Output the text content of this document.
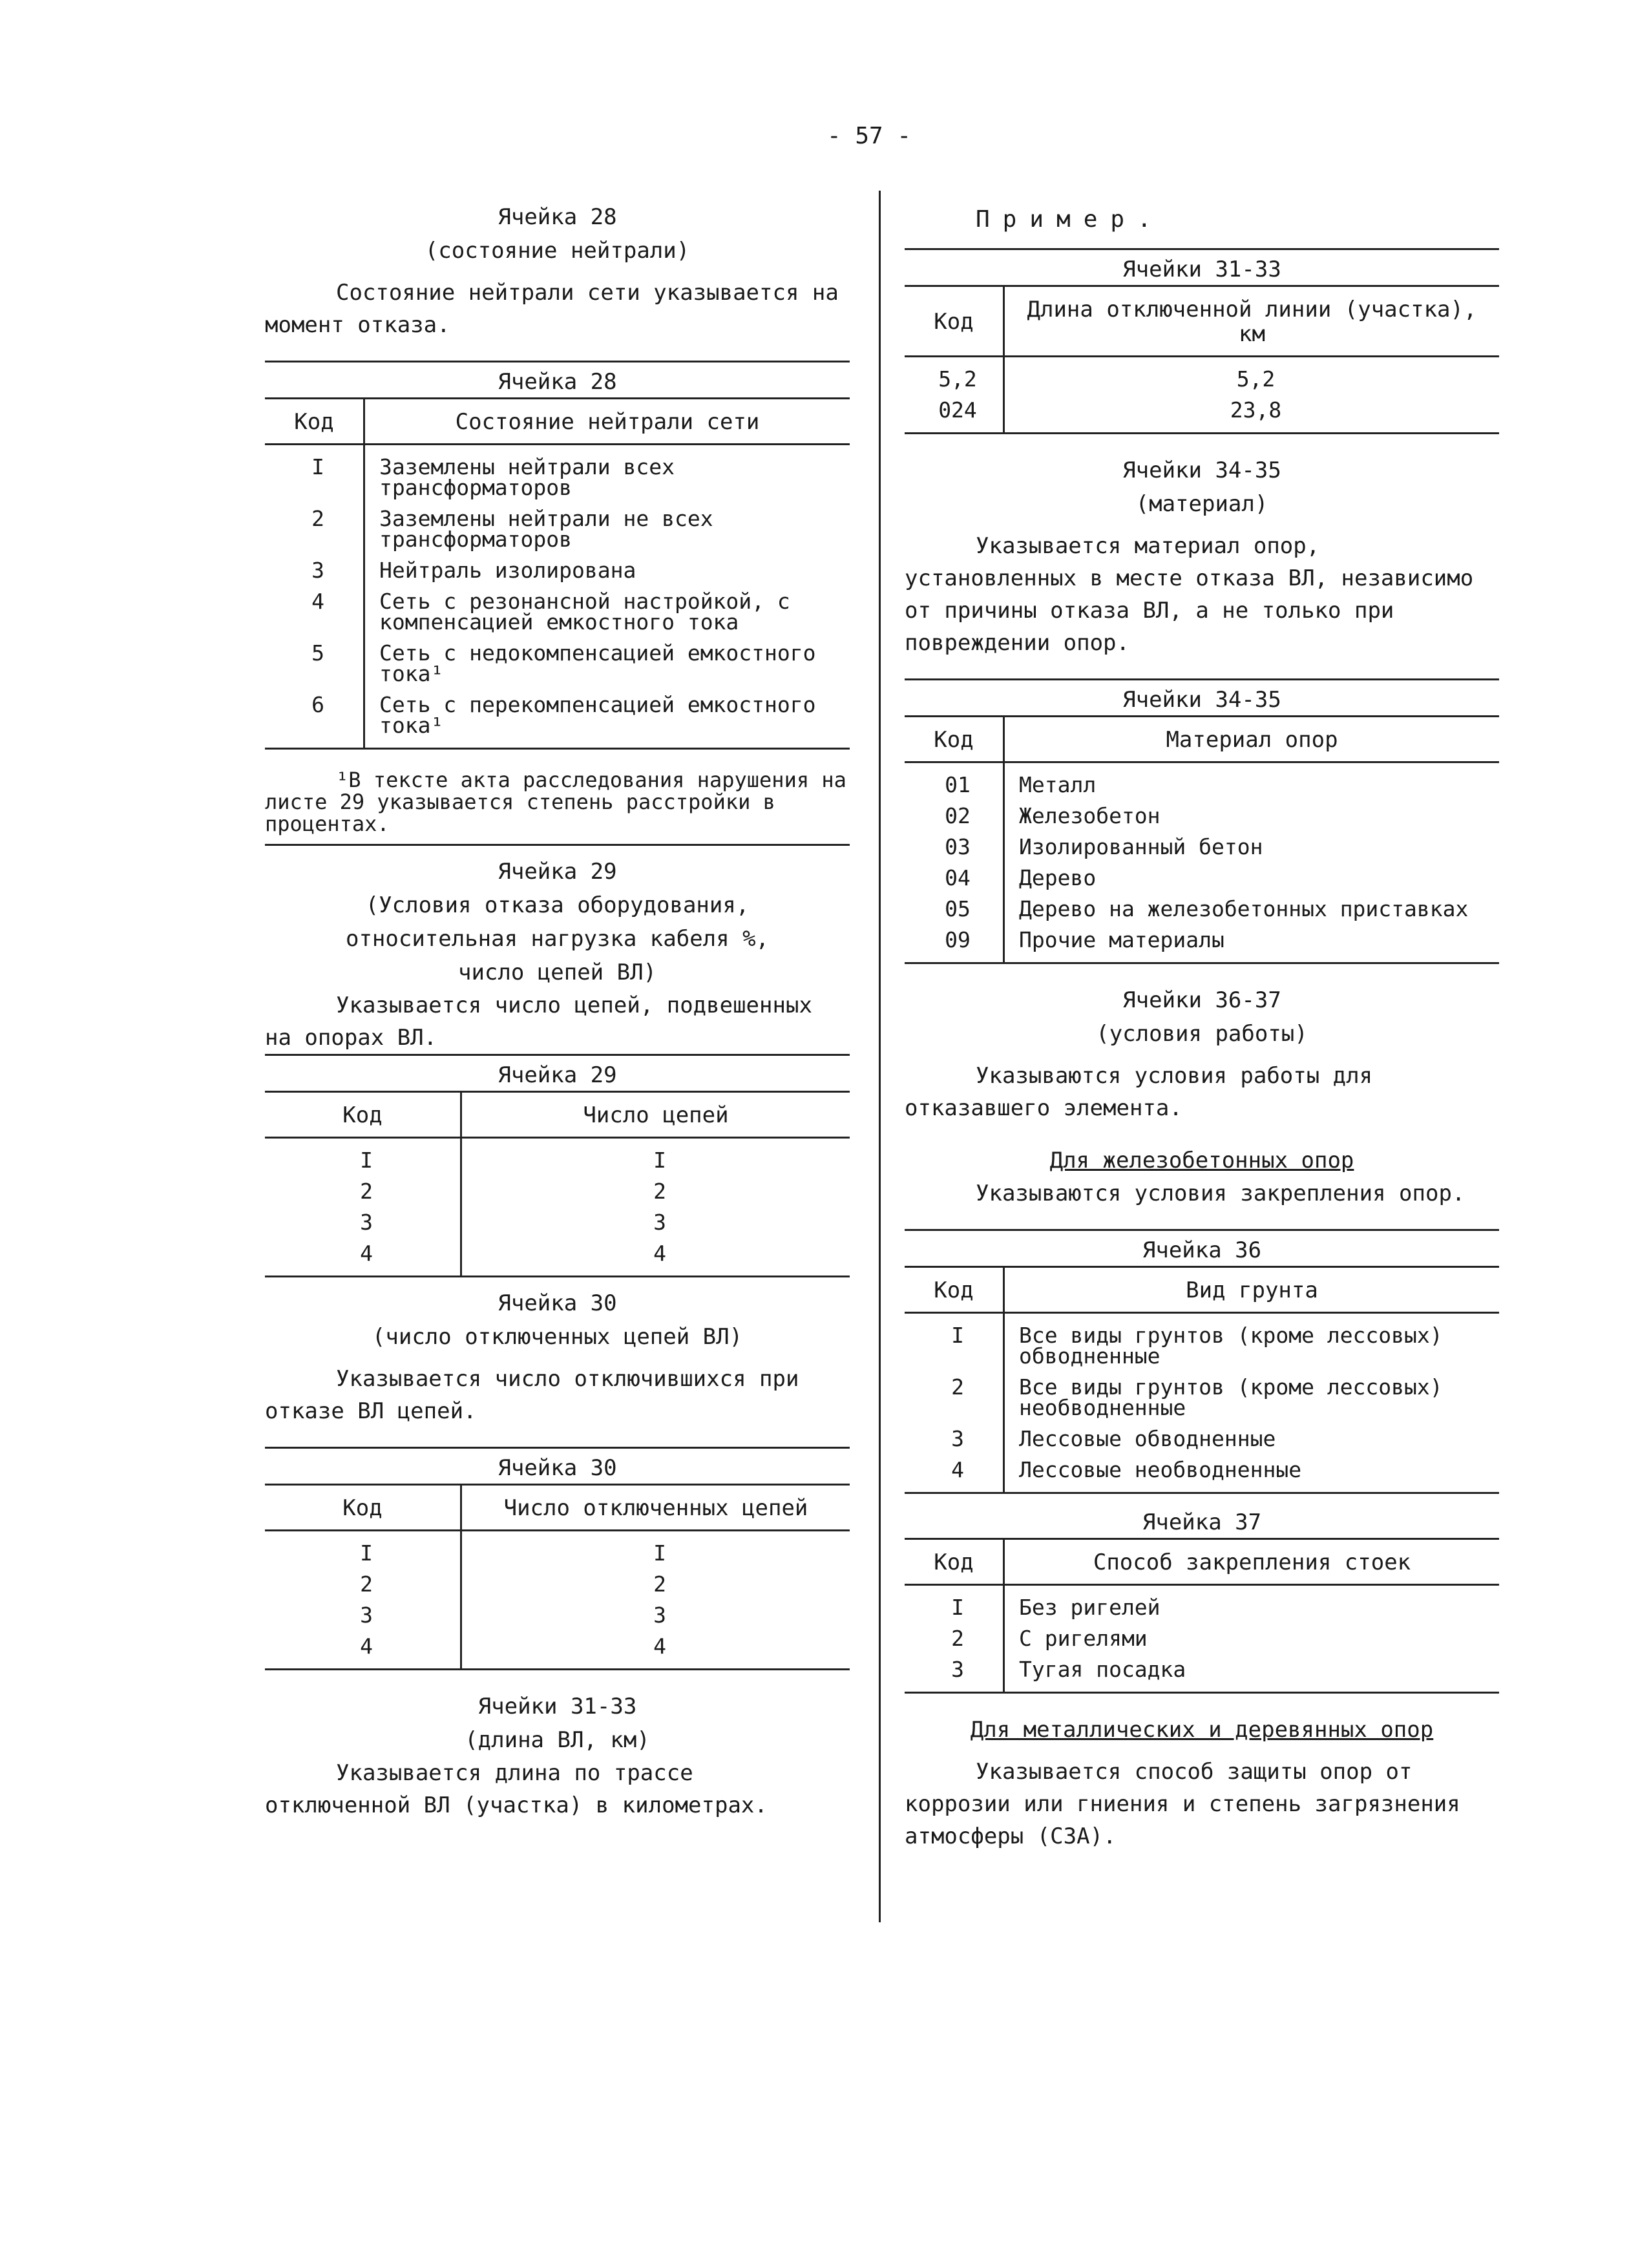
- 57 -
Ячейка 28
(состояние нейтрали)

Состояние нейтрали сети указывается на момент отказа.

Ячейка 28	
Код	Состояние нейтрали сети
I	Заземлены нейтрали всех трансформаторов
2	Заземлены нейтрали не всех трансформаторов
3	Нейтраль изолирована
4	Сеть с резонансной настройкой, с компенсацией емкостного тока
5	Сеть с недокомпенсацией емкостного тока¹
6	Сеть с перекомпенсацией емкостного тока¹

¹В тексте акта расследования нарушения на листе 29 указывается степень расстройки в процентах.

Ячейка 29
(Условия отказа оборудования,
относительная нагрузка кабеля %,
число цепей ВЛ)

Указывается число цепей, подвешенных на опорах ВЛ.

Ячейка 29	
Код	Число цепей
I	I
2	2
3	3
4	4
Ячейка 30
(число отключенных цепей ВЛ)

Указывается число отключившихся при отказе ВЛ цепей.

Ячейка 30	
Код	Число отключенных цепей
I	I
2	2
3	3
4	4
Ячейки 31-33
(длина ВЛ, км)

Указывается длина по трассе отключенной ВЛ (участка) в километрах.

Пример.
Ячейки 31-33	
Код	Длина отключенной линии (участка), км
5,2	5,2
024	23,8
Ячейки 34-35
(материал)

Указывается материал опор, установленных в месте отказа ВЛ, независимо от причины отказа ВЛ, а не только при повреждении опор.

Ячейки 34-35	
Код	Материал опор
01	Металл
02	Железобетон
03	Изолированный бетон
04	Дерево
05	Дерево на железобетонных приставках
09	Прочие материалы
Ячейки 36-37
(условия работы)

Указываются условия работы для отказавшего элемента.

Для железобетонных опор

Указываются условия закрепления опор.

Ячейка 36	
Код	Вид грунта
I	Все виды грунтов (кроме лессовых) обводненные
2	Все виды грунтов (кроме лессовых) необводненные
3	Лессовые обводненные
4	Лессовые необводненные
Ячейка 37	
Код	Способ закрепления стоек
I	Без ригелей
2	С ригелями
3	Тугая посадка
Для металлических и деревянных опор

Указывается способ защиты опор от коррозии или гниения и степень загрязнения атмосферы (СЗА).
